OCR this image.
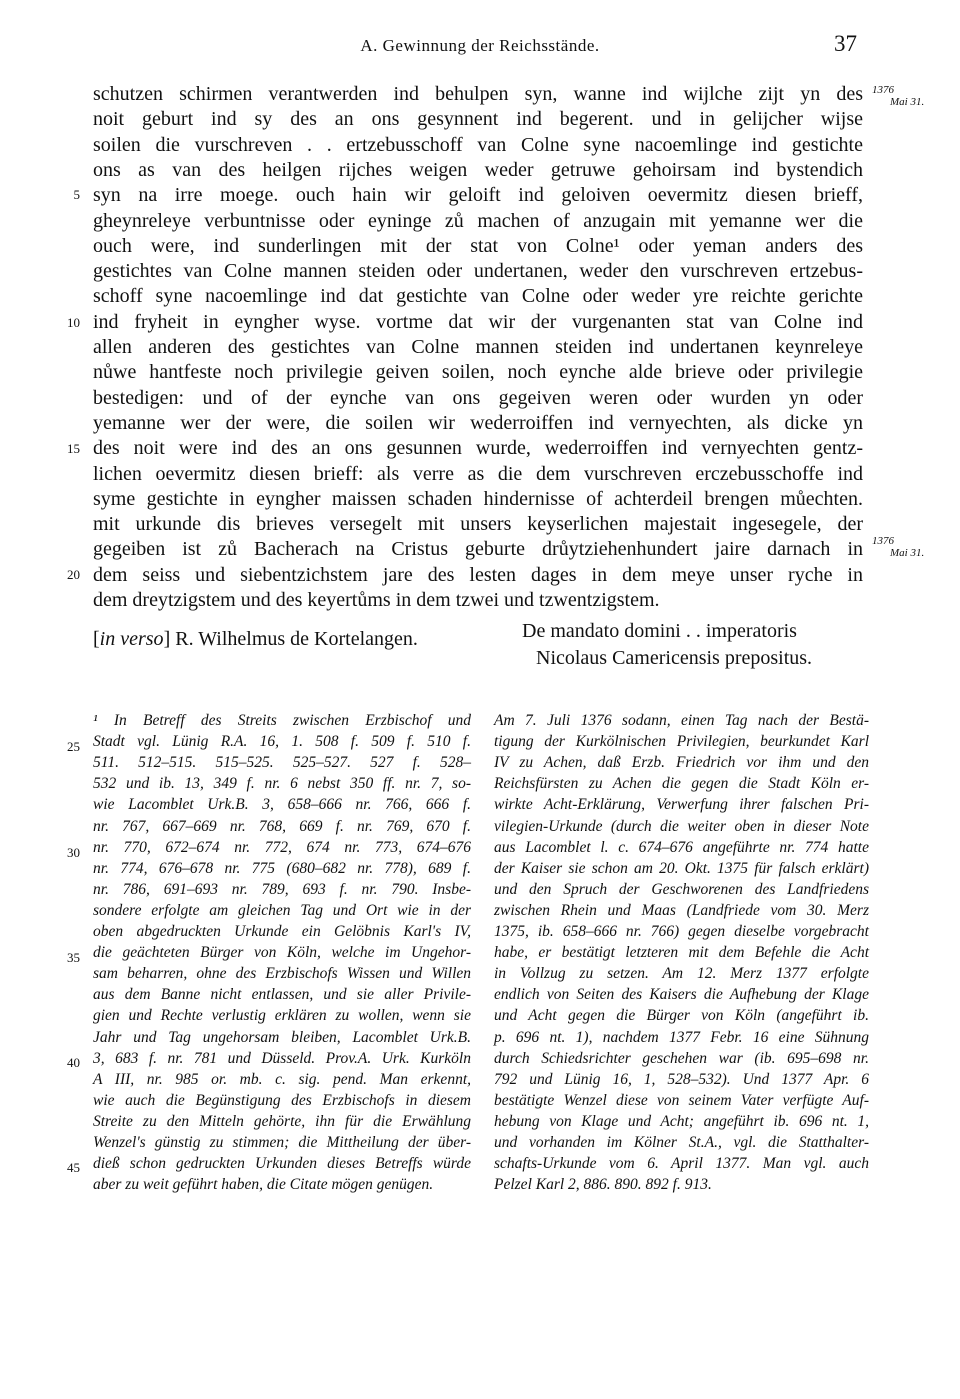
A. Gewinnung der Reichsstände.	37
schutzen schirmen verantwerden ind behulpen syn, wanne ind wijlche zijt yn des
noit geburt ind sy des an ons gesynnent ind begerent. und in gelijcher wijse
soilen die vurschreven . . ertzebusschoff van Colne syne nacoemlinge ind gestichte
ons as van des heilgen rijches weigen weder getruwe gehoirsam ind bystendich
syn na irre moege. ouch hain wir geloift ind geloiven oevermitz diesen brieff,
gheynreleye verbuntnisse oder eyninge zů machen of anzugain mit yemanne wer die
ouch were, ind sunderlingen mit der stat von Colne¹ oder yeman anders des
gestichtes van Colne mannen steiden oder undertanen, weder den vurschreven ertzebus-
schoff syne nacoemlinge ind dat gestichte van Colne oder weder yre reichte gerichte
ind fryheit in eyngher wyse. vortme dat wir der vurgenanten stat van Colne ind
allen anderen des gestichtes van Colne mannen steiden ind undertanen keynreleye
nůwe hantfeste noch privilegie geiven soilen, noch eynche alde brieve oder privilegie
bestedigen: und of der eynche van ons gegeiven weren oder wurden yn oder
yemanne wer der were, die soilen wir wederroiffen ind vernyechten, als dicke yn
des noit were ind des an ons gesunnen wurde, wederroiffen ind vernyechten gentz-
lichen oevermitz diesen brieff: als verre as die dem vurschreven erczebusschoffe ind
syme gestichte in eyngher maissen schaden hindernisse of achterdeil brengen můechten.
mit urkunde dis brieves versegelt mit unsers keyserlichen majestait ingesegele, der
gegeiben ist zů Bacherach na Cristus geburte drůytziehenhundert jaire darnach in
dem seiss und siebentzichstem jare des lesten dages in dem meye unser ryche in
dem dreytzigstem und des keyertůms in dem tzwei und tzwentzigstem.
5
10
15
20
1376
Mai 31.
1376
Mai 31.
[in verso] R. Wilhelmus de Kortelangen.	De mandato domini . . imperatoris
Nicolaus Camericensis prepositus.
¹ In Betreff des Streits zwischen Erzbischof und
Stadt vgl. Lünig R.A. 16, 1. 508 f. 509 f. 510 f.
511. 512–515. 515–525. 525–527. 527 f. 528–
532 und ib. 13, 349 f. nr. 6 nebst 350 ff. nr. 7, so-
wie Lacomblet Urk.B. 3, 658–666 nr. 766, 666 f.
nr. 767, 667–669 nr. 768, 669 f. nr. 769, 670 f.
nr. 770, 672–674 nr. 772, 674 nr. 773, 674–676
nr. 774, 676–678 nr. 775 (680–682 nr. 778), 689 f.
nr. 786, 691–693 nr. 789, 693 f. nr. 790. Insbe-
sondere erfolgte am gleichen Tag und Ort wie in der
oben abgedruckten Urkunde ein Gelöbnis Karl's IV,
die geächteten Bürger von Köln, welche im Ungehor-
sam beharren, ohne des Erzbischofs Wissen und Willen
aus dem Banne nicht entlassen, und sie aller Privile-
gien und Rechte verlustig erklären zu wollen, wenn sie
Jahr und Tag ungehorsam bleiben, Lacomblet Urk.B.
3, 683 f. nr. 781 und Düsseld. Prov.A. Urk. Kurköln
A III, nr. 985 or. mb. c. sig. pend. Man erkennt,
wie auch die Begünstigung des Erzbischofs in diesem
Streite zu den Mitteln gehörte, ihn für die Erwählung
Wenzel's günstig zu stimmen; die Mittheilung der über-
dieß schon gedruckten Urkunden dieses Betreffs würde
aber zu weit geführt haben, die Citate mögen genügen.
Am 7. Juli 1376 sodann, einen Tag nach der Bestä-
tigung der Kurkölnischen Privilegien, beurkundet Karl
IV zu Achen, daß Erzb. Friedrich vor ihm und den
Reichsfürsten zu Achen die gegen die Stadt Köln er-
wirkte Acht-Erklärung, Verwerfung ihrer falschen Pri-
vilegien-Urkunde (durch die weiter oben in dieser Note
aus Lacomblet l. c. 674–676 angeführte nr. 774 hatte
der Kaiser sie schon am 20. Okt. 1375 für falsch erklärt)
und den Spruch der Geschworenen des Landfriedens
zwischen Rhein und Maas (Landfriede vom 30. Merz
1375, ib. 658–666 nr. 766) gegen dieselbe vorgebracht
habe, er bestätigt letzteren mit dem Befehle die Acht
in Vollzug zu setzen. Am 12. Merz 1377 erfolgte
endlich von Seiten des Kaisers die Aufhebung der Klage
und Acht gegen die Bürger von Köln (angeführt ib.
p. 696 nt. 1), nachdem 1377 Febr. 16 eine Sühnung
durch Schiedsrichter geschehen war (ib. 695–698 nr.
792 und Lünig 16, 1, 528–532). Und 1377 Apr. 6
bestätigte Wenzel diese von seinem Vater verfügte Auf-
hebung von Klage und Acht; angeführt ib. 696 nt. 1,
und vorhanden im Kölner St.A., vgl. die Statthalter-
schafts-Urkunde vom 6. April 1377. Man vgl. auch
Pelzel Karl 2, 886. 890. 892 f. 913.
25
30
35
40
45
